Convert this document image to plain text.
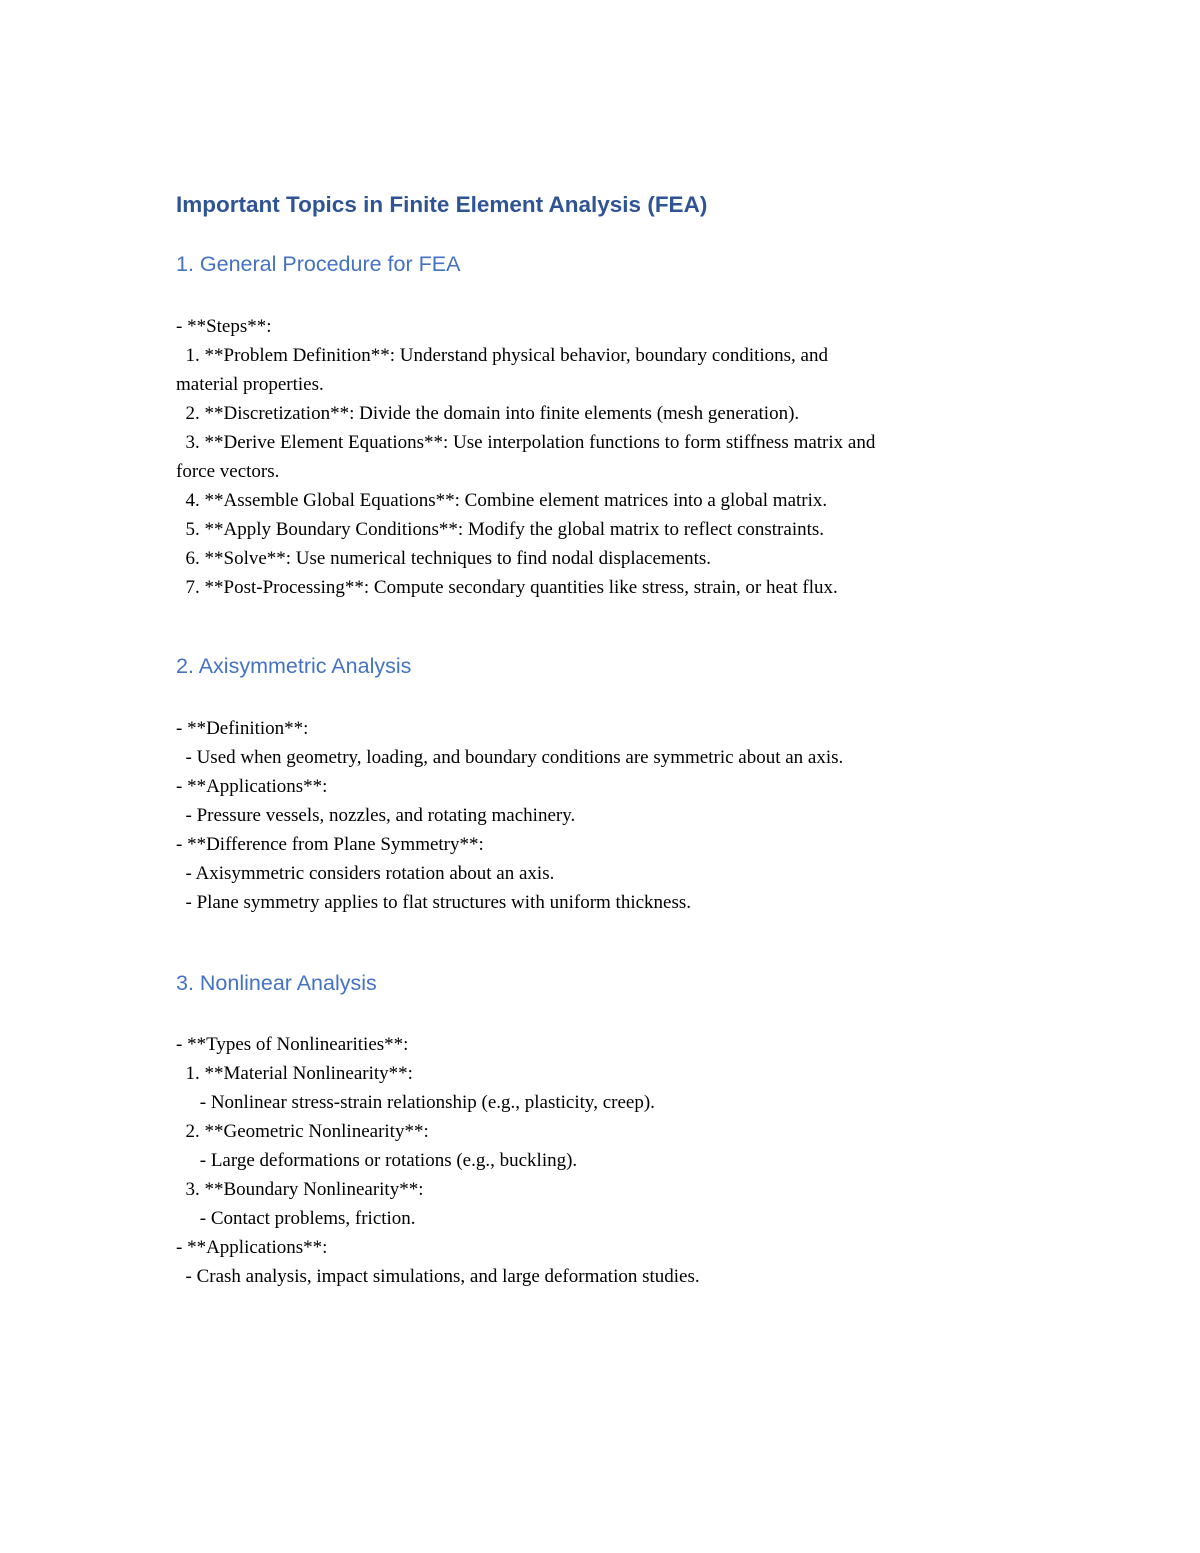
Important Topics in Finite Element Analysis (FEA)
1. General Procedure for FEA
- **Steps**:
1. **Problem Definition**: Understand physical behavior, boundary conditions, and
material properties.
2. **Discretization**: Divide the domain into finite elements (mesh generation).
3. **Derive Element Equations**: Use interpolation functions to form stiffness matrix and
force vectors.
4. **Assemble Global Equations**: Combine element matrices into a global matrix.
5. **Apply Boundary Conditions**: Modify the global matrix to reflect constraints.
6. **Solve**: Use numerical techniques to find nodal displacements.
7. **Post-Processing**: Compute secondary quantities like stress, strain, or heat flux.
2. Axisymmetric Analysis
- **Definition**:
- Used when geometry, loading, and boundary conditions are symmetric about an axis.
- **Applications**:
- Pressure vessels, nozzles, and rotating machinery.
- **Difference from Plane Symmetry**:
- Axisymmetric considers rotation about an axis.
- Plane symmetry applies to flat structures with uniform thickness.
3. Nonlinear Analysis
- **Types of Nonlinearities**:
1. **Material Nonlinearity**:
- Nonlinear stress-strain relationship (e.g., plasticity, creep).
2. **Geometric Nonlinearity**:
- Large deformations or rotations (e.g., buckling).
3. **Boundary Nonlinearity**:
- Contact problems, friction.
- **Applications**:
- Crash analysis, impact simulations, and large deformation studies.
